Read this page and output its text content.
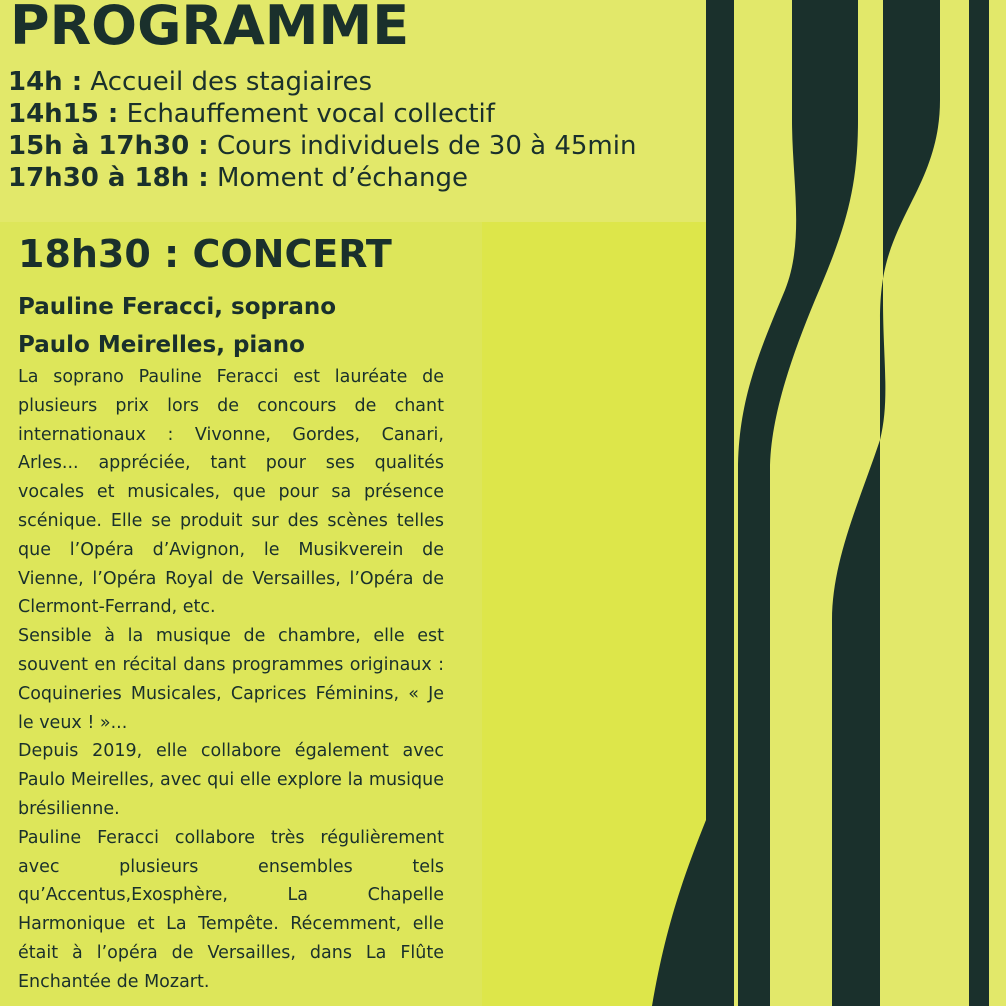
PROGRAMME
14h : Accueil des stagiaires
14h15 : Echauffement vocal collectif
15h à 17h30 : Cours individuels de 30 à 45min
17h30 à 18h : Moment d’échange
18h30 : CONCERT
Pauline Feracci, soprano
Paulo Meirelles, piano

La soprano Pauline Feracci est lauréate de plusieurs prix lors de concours de chant internationaux : Vivonne, Gordes, Canari, Arles... appréciée, tant pour ses qualités vocales et musicales, que pour sa présence scénique. Elle se produit sur des scènes telles que l’Opéra d’Avignon, le Musikverein de Vienne, l’Opéra Royal de Versailles, l’Opéra de Clermont-Ferrand, etc.

Sensible à la musique de chambre, elle est souvent en récital dans programmes originaux : Coquineries Musicales, Caprices Féminins, « Je le veux ! »...

Depuis 2019, elle collabore également avec Paulo Meirelles, avec qui elle explore la musique brésilienne.

Pauline Feracci collabore très régulièrement avec plusieurs ensembles tels qu’Accentus,Exosphère, La Chapelle Harmonique et La Tempête. Récemment, elle était à l’opéra de Versailles, dans La Flûte Enchantée de Mozart.
